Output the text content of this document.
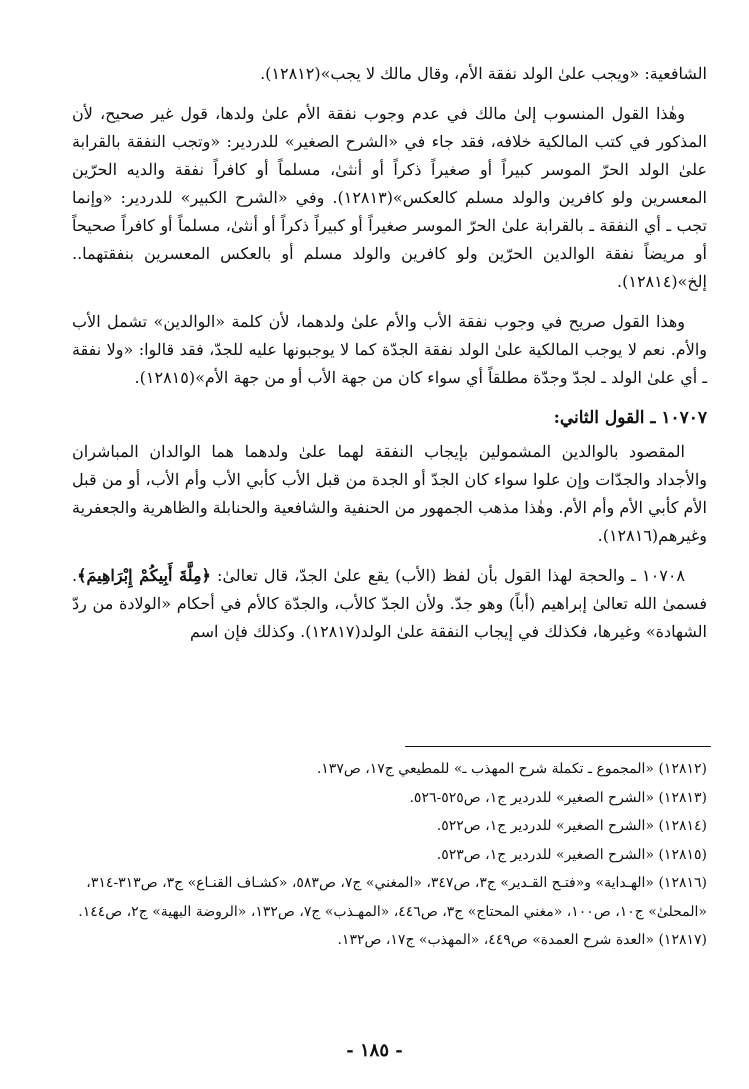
الشافعية: «ويجب علىٰ الولد نفقة الأم، وقال مالك لا يجب»(١٢٨١٢).

وهٰذا القول المنسوب إلىٰ مالك في عدم وجوب نفقة الأم علىٰ ولدها، قول غير صحيح، لأن المذكور في كتب المالكية خلافه، فقد جاء في «الشرح الصغير» للدردير: «وتجب النفقة بالقرابة علىٰ الولد الحرّ الموسر كبيراً أو صغيراً ذكراً أو أنثىٰ، مسلماً أو كافراً نفقة والديه الحرّين المعسرين ولو كافرين والولد مسلم كالعكس»(١٢٨١٣). وفي «الشرح الكبير» للدردير: «وإنما تجب ـ أي النفقة ـ بالقرابة علىٰ الحرّ الموسر صغيراً أو كبيراً ذكراً أو أنثىٰ، مسلماً أو كافراً صحيحاً أو مريضاً نفقة الوالدين الحرّين ولو كافرين والولد مسلم أو بالعكس المعسرين بنفقتهما.. إلخ»(١٢٨١٤).

وهذا القول صريح في وجوب نفقة الأب والأم علىٰ ولدهما، لأن كلمة «الوالدين» تشمل الأب والأم. نعم لا يوجب المالكية علىٰ الولد نفقة الجدّة كما لا يوجبونها عليه للجدّ، فقد قالوا: «ولا نفقة ـ أي علىٰ الولد ـ لجدّ وجدّة مطلقاً أي سواء كان من جهة الأب أو من جهة الأم»(١٢٨١٥).

١٠٧٠٧ ـ القول الثاني:

المقصود بالوالدين المشمولين بإيجاب النفقة لهما علىٰ ولدهما هما الوالدان المباشران والأجداد والجدّات وإن علوا سواء كان الجدّ أو الجدة من قبل الأب كأبي الأب وأم الأب، أو من قبل الأم كأبي الأم وأم الأم. وهٰذا مذهب الجمهور من الحنفية والشافعية والحنابلة والظاهرية والجعفرية وغيرهم(١٢٨١٦).

١٠٧٠٨ ـ والحجة لهذا القول بأن لفظ (الأب) يقع علىٰ الجدّ، قال تعالىٰ: ﴿مِلَّةَ أَبِيكُمْ إِبْرَاهِيمَ﴾. فسمىٰ الله تعالىٰ إبراهيم (أباً) وهو جدّ. ولأن الجدّ كالأب، والجدّة كالأم في أحكام «الولادة من ردّ الشهادة» وغيرها، فكذلك في إيجاب النفقة علىٰ الولد(١٢٨١٧). وكذلك فإن اسم

(١٢٨١٢) «المجموع ـ تكملة شرح المهذب ـ» للمطيعي ج١٧، ص١٣٧.

(١٢٨١٣) «الشرح الصغير» للدردير ج١، ص٥٢٥-٥٢٦.

(١٢٨١٤) «الشرح الصغير» للدردير ج١، ص٥٢٢.

(١٢٨١٥) «الشرح الصغير» للدردير ج١، ص٥٢٣.

(١٢٨١٦) «الهـداية» و«فتـح القـدير» ج٣، ص٣٤٧، «المغني» ج٧، ص٥٨٣، «كشـاف القنـاع» ج٣، ص٣١٣-٣١٤، «المحلىٰ» ج١٠، ص١٠٠، «مغني المحتاج» ج٣، ص٤٤٦، «المهـذب» ج٧، ص١٣٢، «الروضة البهية» ج٢، ص١٤٤.

(١٢٨١٧) «العدة شرح العمدة» ص٤٤٩، «المهذب» ج١٧، ص١٣٢.

- ١٨٥ -
